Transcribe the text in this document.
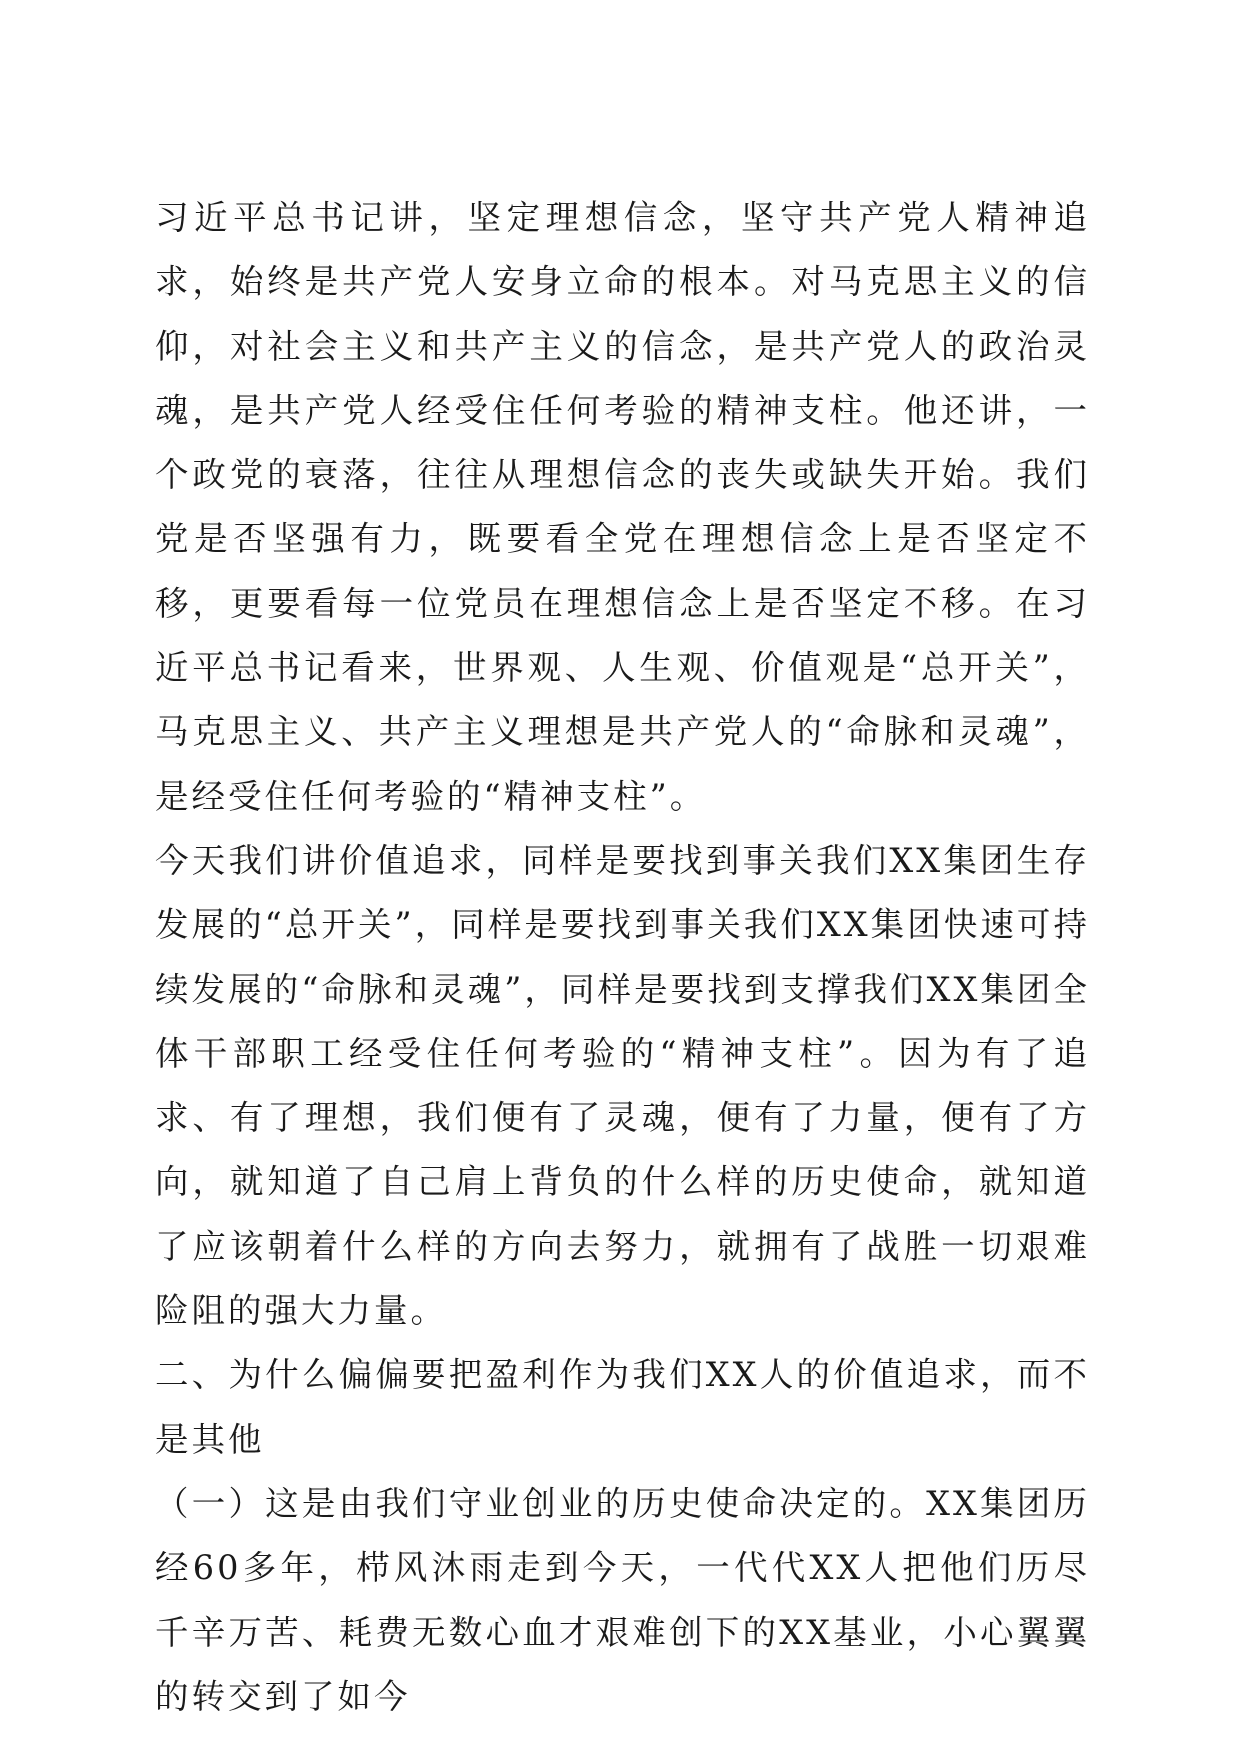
习近平总书记讲，坚定理想信念，坚守共产党人精神追求，始终是共产党人安身立命的根本。对马克思主义的信仰，对社会主义和共产主义的信念，是共产党人的政治灵魂，是共产党人经受住任何考验的精神支柱。他还讲，一个政党的衰落，往往从理想信念的丧失或缺失开始。我们党是否坚强有力，既要看全党在理想信念上是否坚定不移，更要看每一位党员在理想信念上是否坚定不移。在习近平总书记看来，世界观、人生观、价值观是“总开关”，马克思主义、共产主义理想是共产党人的“命脉和灵魂”，是经受住任何考验的“精神支柱”。

今天我们讲价值追求，同样是要找到事关我们XX集团生存发展的“总开关”，同样是要找到事关我们XX集团快速可持续发展的“命脉和灵魂”，同样是要找到支撑我们XX集团全体干部职工经受住任何考验的“精神支柱”。因为有了追求、有了理想，我们便有了灵魂，便有了力量，便有了方向，就知道了自己肩上背负的什么样的历史使命，就知道了应该朝着什么样的方向去努力，就拥有了战胜一切艰难险阻的强大力量。

二、为什么偏偏要把盈利作为我们XX人的价值追求，而不是其他

（一）这是由我们守业创业的历史使命决定的。XX集团历经60多年，栉风沐雨走到今天，一代代XX人把他们历尽千辛万苦、耗费无数心血才艰难创下的XX基业，小心翼翼的转交到了如今
